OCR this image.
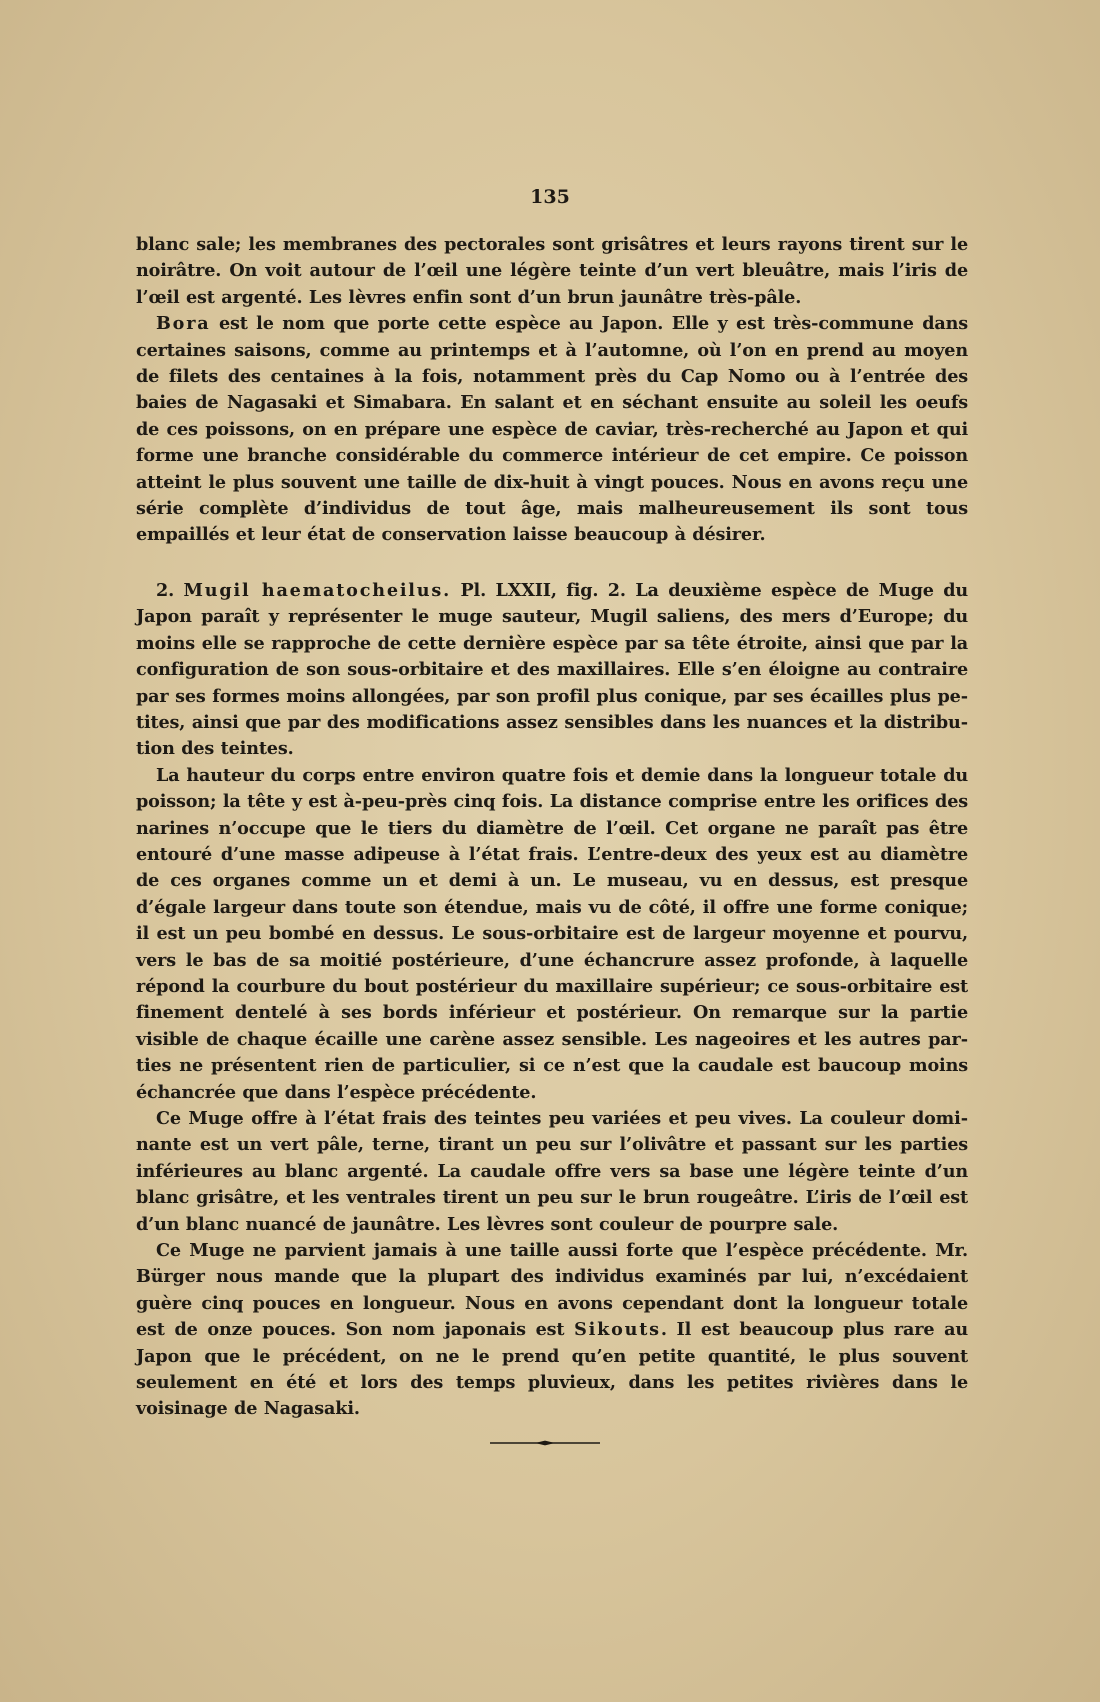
135

blanc sale; les membranes des pectorales sont grisâtres et leurs rayons tirent sur le noirâtre. On voit autour de l’œil une légère teinte d’un vert bleuâtre, mais l’iris de l’œil est argenté. Les lèvres enfin sont d’un brun jaunâtre très-pâle.

Bora est le nom que porte cette espèce au Japon. Elle y est très-commune dans certaines saisons, comme au printemps et à l’automne, où l’on en prend au moyen de filets des centaines à la fois, notamment près du Cap Nomo ou à l’entrée des baies de Nagasaki et Simabara. En salant et en séchant ensuite au soleil les oeufs de ces poissons, on en prépare une espèce de caviar, très-recherché au Japon et qui forme une branche considérable du commerce intérieur de cet empire. Ce poisson atteint le plus souvent une taille de dix-huit à vingt pouces. Nous en avons reçu une série complète d’individus de tout âge, mais malheureusement ils sont tous empaillés et leur état de conservation laisse beaucoup à désirer.

2. Mugil haematocheilus. Pl. LXXII, fig. 2. La deuxième espèce de Muge du Japon paraît y représenter le muge sauteur, Mugil saliens, des mers d’Europe; du moins elle se rapproche de cette dernière espèce par sa tête étroite, ainsi que par la configuration de son sous-orbitaire et des maxillaires. Elle s’en éloigne au contraire par ses formes moins allongées, par son profil plus conique, par ses écailles plus petites, ainsi que par des modifications assez sensibles dans les nuances et la distribution des teintes.

La hauteur du corps entre environ quatre fois et demie dans la longueur totale du poisson; la tête y est à-peu-près cinq fois. La distance comprise entre les orifices des narines n’occupe que le tiers du diamètre de l’œil. Cet organe ne paraît pas être entouré d’une masse adipeuse à l’état frais. L’entre-deux des yeux est au diamètre de ces organes comme un et demi à un. Le museau, vu en dessus, est presque d’égale largeur dans toute son étendue, mais vu de côté, il offre une forme conique; il est un peu bombé en dessus. Le sous-orbitaire est de largeur moyenne et pourvu, vers le bas de sa moitié postérieure, d’une échancrure assez profonde, à laquelle répond la courbure du bout postérieur du maxillaire supérieur; ce sous-orbitaire est finement dentelé à ses bords inférieur et postérieur. On remarque sur la partie visible de chaque écaille une carène assez sensible. Les nageoires et les autres parties ne présentent rien de particulier, si ce n’est que la caudale est baucoup moins échancrée que dans l’espèce précédente.

Ce Muge offre à l’état frais des teintes peu variées et peu vives. La couleur dominante est un vert pâle, terne, tirant un peu sur l’olivâtre et passant sur les parties inférieures au blanc argenté. La caudale offre vers sa base une légère teinte d’un blanc grisâtre, et les ventrales tirent un peu sur le brun rougeâtre. L’iris de l’œil est d’un blanc nuancé de jaunâtre. Les lèvres sont couleur de pourpre sale.

Ce Muge ne parvient jamais à une taille aussi forte que l’espèce précédente. Mr. Bürger nous mande que la plupart des individus examinés par lui, n’excédaient guère cinq pouces en longueur. Nous en avons cependant dont la longueur totale est de onze pouces. Son nom japonais est Sikouts. Il est beaucoup plus rare au Japon que le précédent, on ne le prend qu’en petite quantité, le plus souvent seulement en été et lors des temps pluvieux, dans les petites rivières dans le voisinage de Nagasaki.
